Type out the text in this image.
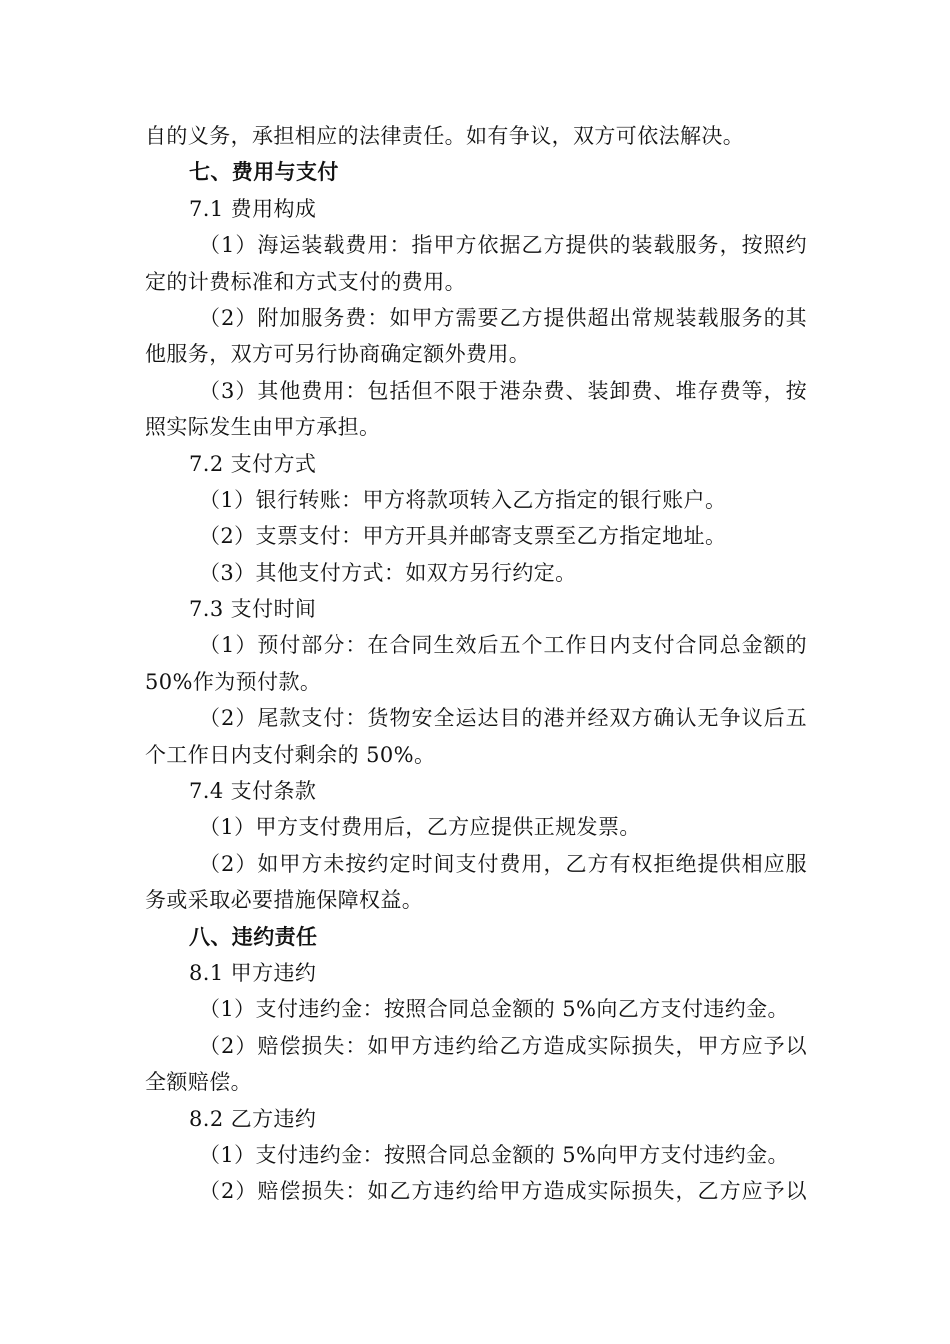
自的义务，承担相应的法律责任。如有争议，双方可依法解决。
七、费用与支付
7.1 费用构成
（1）海运装载费用：指甲方依据乙方提供的装载服务，按照约
定的计费标准和方式支付的费用。
（2）附加服务费：如甲方需要乙方提供超出常规装载服务的其
他服务，双方可另行协商确定额外费用。
（3）其他费用：包括但不限于港杂费、装卸费、堆存费等，按
照实际发生由甲方承担。
7.2 支付方式
（1）银行转账：甲方将款项转入乙方指定的银行账户。
（2）支票支付：甲方开具并邮寄支票至乙方指定地址。
（3）其他支付方式：如双方另行约定。
7.3 支付时间
（1）预付部分：在合同生效后五个工作日内支付合同总金额的
50%作为预付款。
（2）尾款支付：货物安全运达目的港并经双方确认无争议后五
个工作日内支付剩余的 50%。
7.4 支付条款
（1）甲方支付费用后，乙方应提供正规发票。
（2）如甲方未按约定时间支付费用，乙方有权拒绝提供相应服
务或采取必要措施保障权益。
八、违约责任
8.1 甲方违约
（1）支付违约金：按照合同总金额的 5%向乙方支付违约金。
（2）赔偿损失：如甲方违约给乙方造成实际损失，甲方应予以
全额赔偿。
8.2 乙方违约
（1）支付违约金：按照合同总金额的 5%向甲方支付违约金。
（2）赔偿损失：如乙方违约给甲方造成实际损失，乙方应予以
